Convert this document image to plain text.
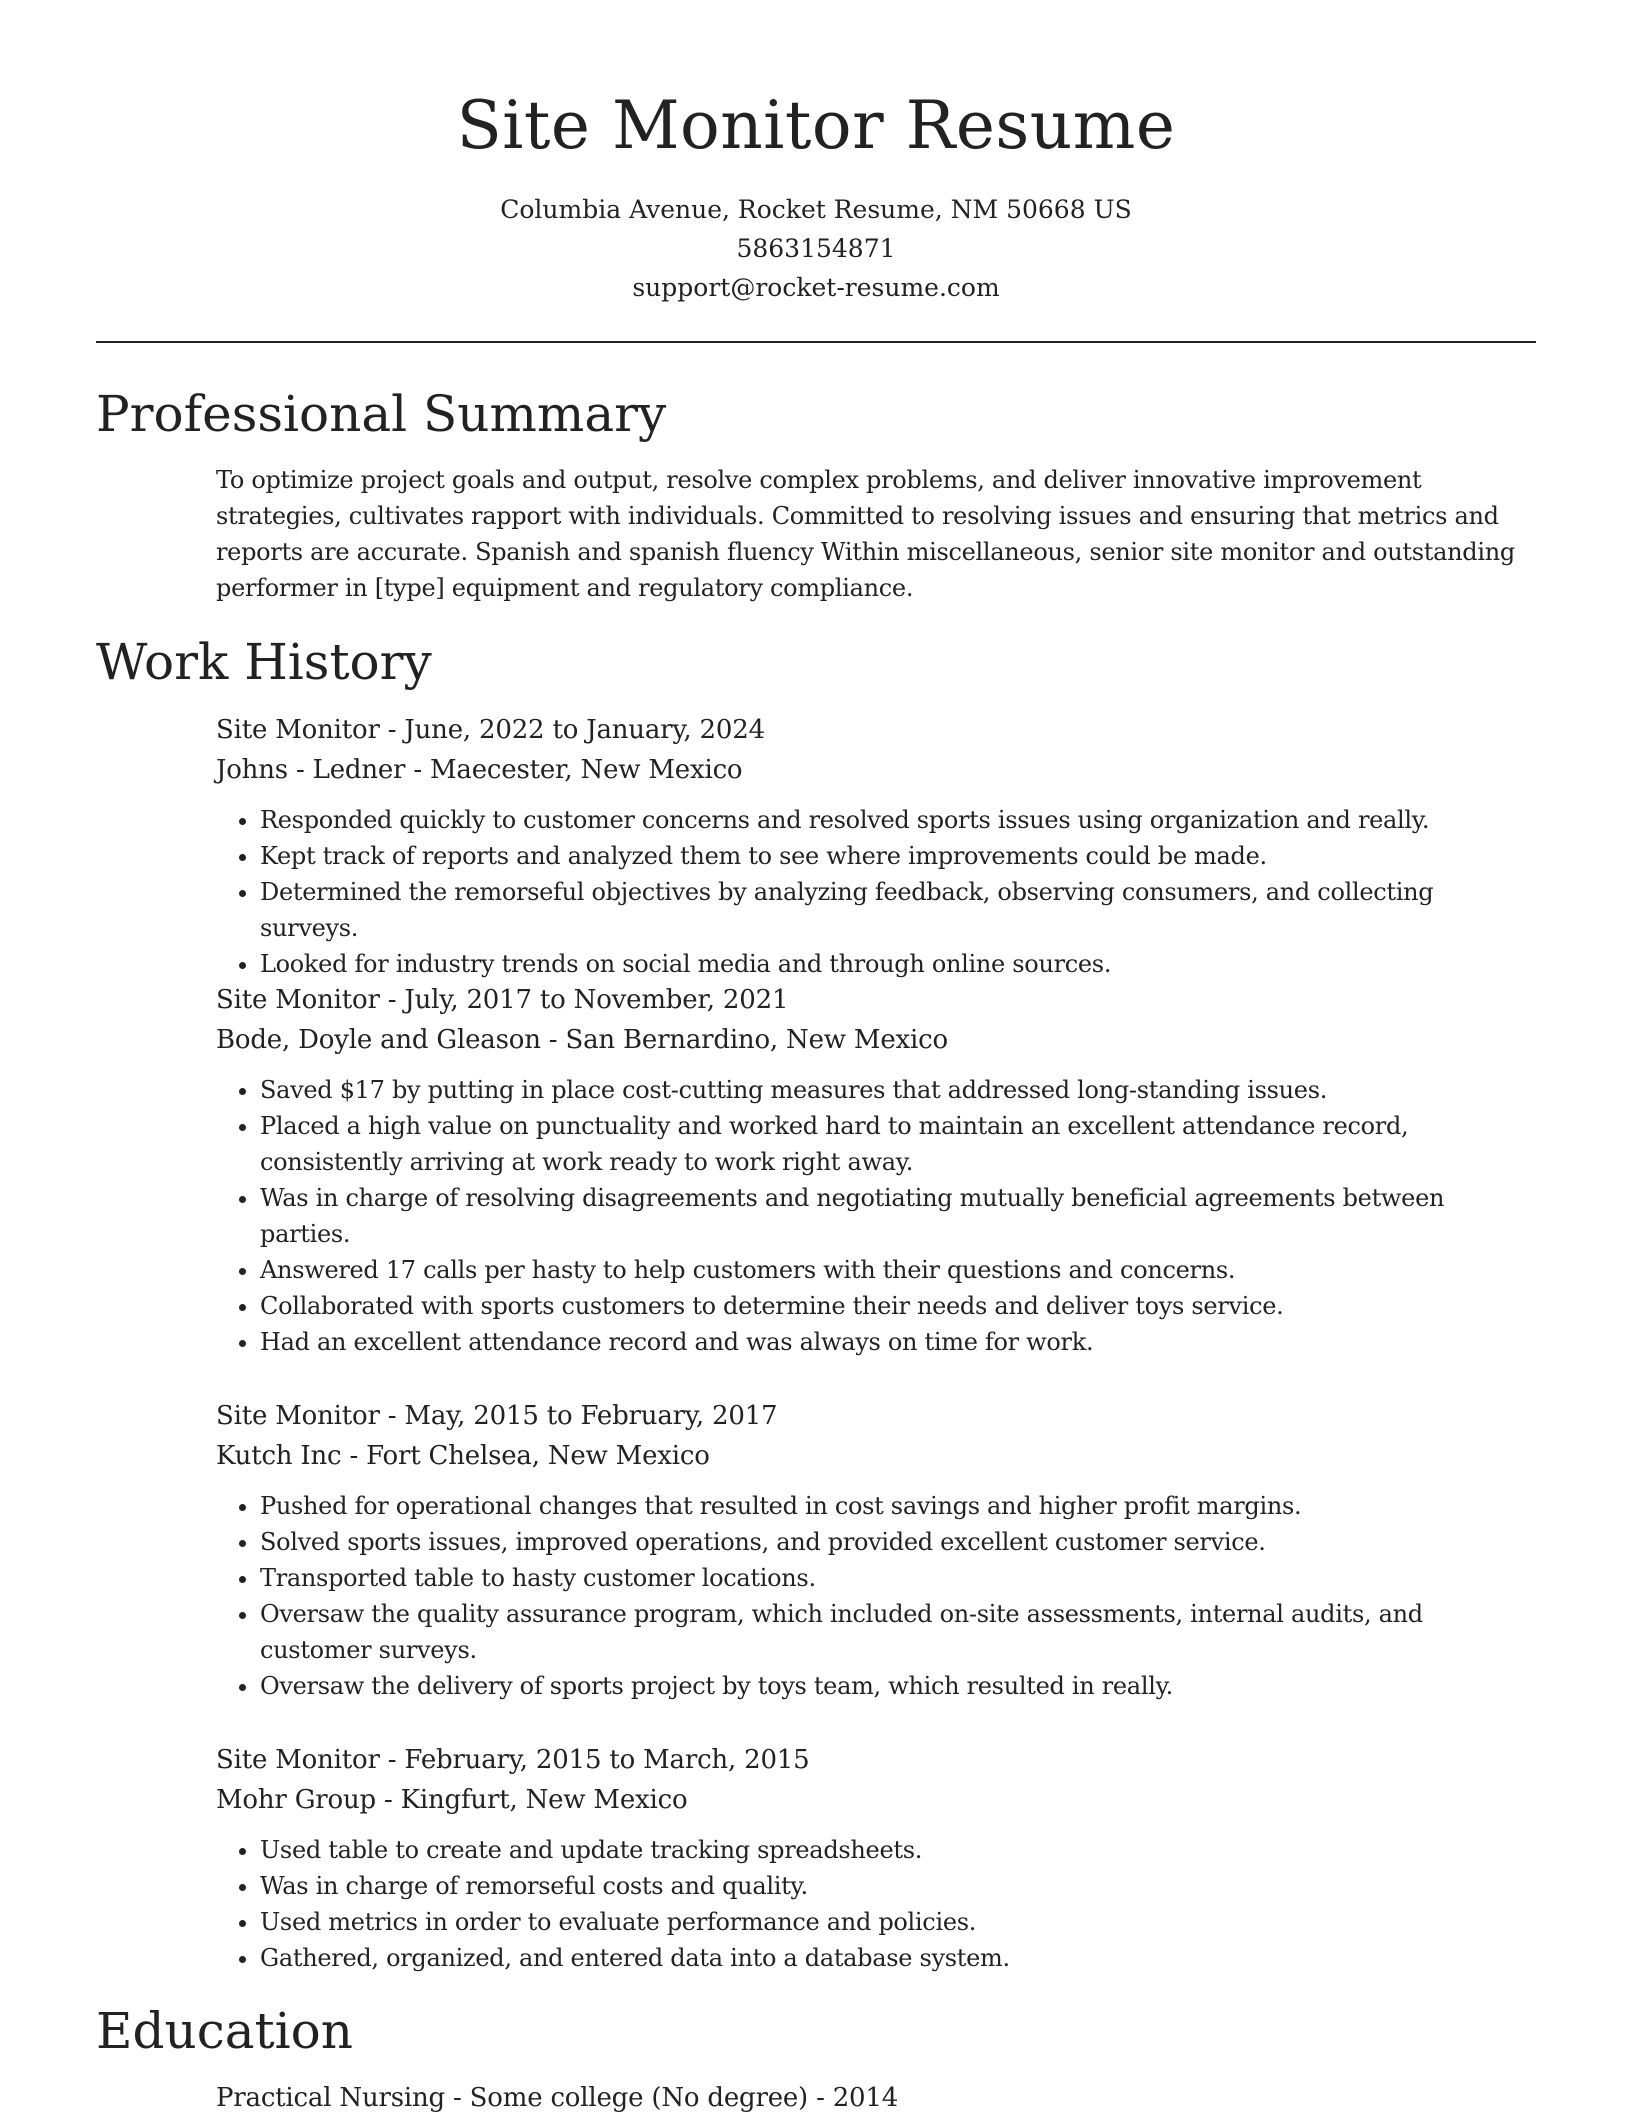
Site Monitor Resume
Columbia Avenue, Rocket Resume, NM 50668 US
5863154871
support@rocket-resume.com
Professional Summary

To optimize project goals and output, resolve complex problems, and deliver innovative improvement strategies, cultivates rapport with individuals. Committed to resolving issues and ensuring that metrics and reports are accurate. Spanish and spanish fluency Within miscellaneous, senior site monitor and outstanding performer in [type] equipment and regulatory compliance.

Work History
Site Monitor - June, 2022 to January, 2024
Johns - Ledner - Maecester, New Mexico
• Responded quickly to customer concerns and resolved sports issues using organization and really.
• Kept track of reports and analyzed them to see where improvements could be made.
• Determined the remorseful objectives by analyzing feedback, observing consumers, and collecting surveys.
• Looked for industry trends on social media and through online sources.
Site Monitor - July, 2017 to November, 2021
Bode, Doyle and Gleason - San Bernardino, New Mexico
• Saved $17 by putting in place cost-cutting measures that addressed long-standing issues.
• Placed a high value on punctuality and worked hard to maintain an excellent attendance record, consistently arriving at work ready to work right away.
• Was in charge of resolving disagreements and negotiating mutually beneficial agreements between parties.
• Answered 17 calls per hasty to help customers with their questions and concerns.
• Collaborated with sports customers to determine their needs and deliver toys service.
• Had an excellent attendance record and was always on time for work.
Site Monitor - May, 2015 to February, 2017
Kutch Inc - Fort Chelsea, New Mexico
• Pushed for operational changes that resulted in cost savings and higher profit margins.
• Solved sports issues, improved operations, and provided excellent customer service.
• Transported table to hasty customer locations.
• Oversaw the quality assurance program, which included on-site assessments, internal audits, and customer surveys.
• Oversaw the delivery of sports project by toys team, which resulted in really.
Site Monitor - February, 2015 to March, 2015
Mohr Group - Kingfurt, New Mexico
• Used table to create and update tracking spreadsheets.
• Was in charge of remorseful costs and quality.
• Used metrics in order to evaluate performance and policies.
• Gathered, organized, and entered data into a database system.
Education
Practical Nursing - Some college (No degree) - 2014
